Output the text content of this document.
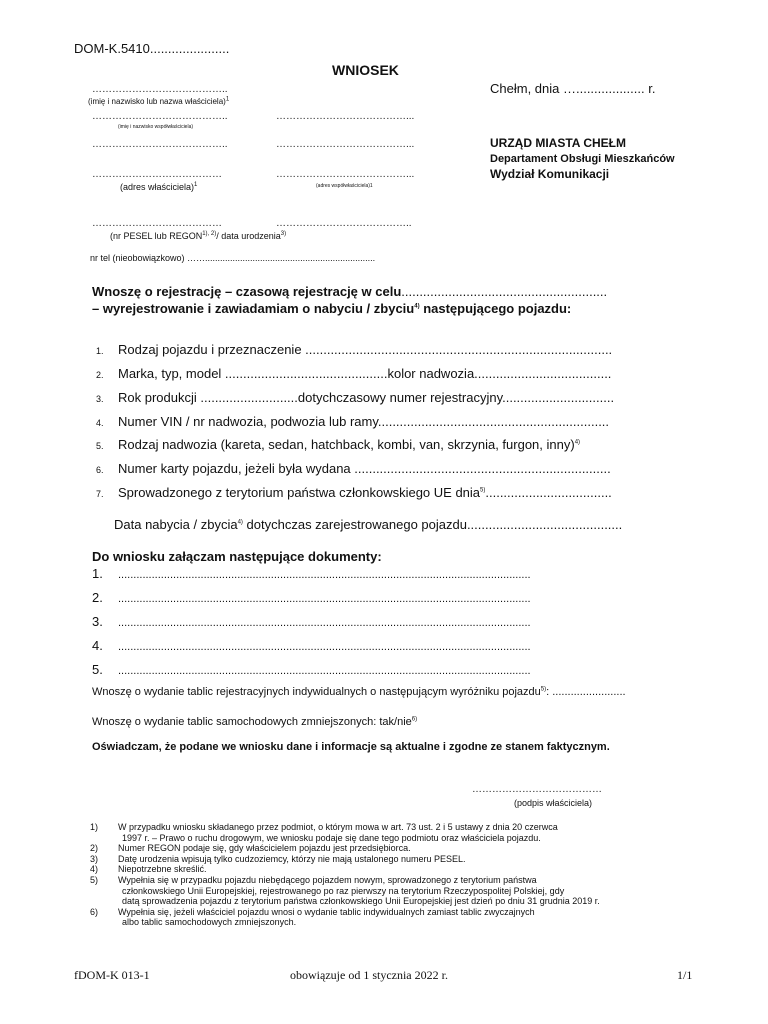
DOM-K.5410......................
WNIOSEK
Chełm, dnia …................... r.
…………………………………..
(imię i nazwisko lub nazwa właściciela)$^1$
…………………………………..	…………………………………...
(imię i nazwisko współwłaściciela)
…………………………………..	…………………………………...
…………………………………	…………………………………...
(adres właściciela)$^1$	(adres współwłaściciela)1
…………………………………	…………………………………..
(nr PESEL lub $REGON^{1), 2)}/$ data urodzenia$^{3)}$
nr tel (nieobowiązkowo) ……....................................................................
URZĄD MIASTA CHEŁM
Departament Obsługi Mieszkańców
Wydział Komunikacji
Wnoszę o rejestrację – czasową rejestrację w celu.........................................................
– wyrejestrowanie i zawiadamiam o nabyciu / zbyciu$^{4)}$ następującego pojazdu:
1. Rodzaj pojazdu i przeznaczenie .....................................................................................
2. Marka, typ, model .............................................kolor nadwozia......................................
3. Rok produkcji ...........................dotychczasowy numer rejestracyjny...............................
4. Numer VIN / nr nadwozia, podwozia lub ramy................................................................
5. Rodzaj nadwozia (kareta, sedan, hatchback, kombi, van, skrzynia, furgon, inny)$^{4)}$
6. Numer karty pojazdu, jeżeli była wydana .......................................................................
7. Sprowadzonego z terytorium państwa członkowskiego UE dnia$^{5)}$...................................
Data nabycia / zbycia$^{4)}$ dotychczas zarejestrowanego pojazdu...........................................
Do wniosku załączam następujące dokumenty:
1. .......................................................................................................................................
2. .......................................................................................................................................
3. .......................................................................................................................................
4. .......................................................................................................................................
5. .......................................................................................................................................
Wnoszę o wydanie tablic rejestracyjnych indywidualnych o następującym wyróżniku pojazdu$^{5)}$: ........................
Wnoszę o wydanie tablic samochodowych zmniejszonych: tak/nie$^{6)}$
Oświadczam, że podane we wniosku dane i informacje są aktualne i zgodne ze stanem faktycznym.
…………………………………
(podpis właściciela)
1) W przypadku wniosku składanego przez podmiot, o którym mowa w art. 73 ust. 2 i 5 ustawy z dnia 20 czerwca
1997 r. – Prawo o ruchu drogowym, we wniosku podaje się dane tego podmiotu oraz właściciela pojazdu.
2) Numer REGON podaje się, gdy właścicielem pojazdu jest przedsiębiorca.
3) Datę urodzenia wpisują tylko cudzoziemcy, którzy nie mają ustalonego numeru PESEL.
4) Niepotrzebne skreślić.
5) Wypełnia się w przypadku pojazdu niebędącego pojazdem nowym, sprowadzonego z terytorium państwa
członkowskiego Unii Europejskiej, rejestrowanego po raz pierwszy na terytorium Rzeczypospolitej Polskiej, gdy
datą sprowadzenia pojazdu z terytorium państwa członkowskiego Unii Europejskiej jest dzień po dniu 31 grudnia 2019 r.
6) Wypełnia się, jeżeli właściciel pojazdu wnosi o wydanie tablic indywidualnych zamiast tablic zwyczajnych
albo tablic samochodowych zmniejszonych.
fDOM-K 013-1	obowiązuje od 1 stycznia 2022 r.	1/1
